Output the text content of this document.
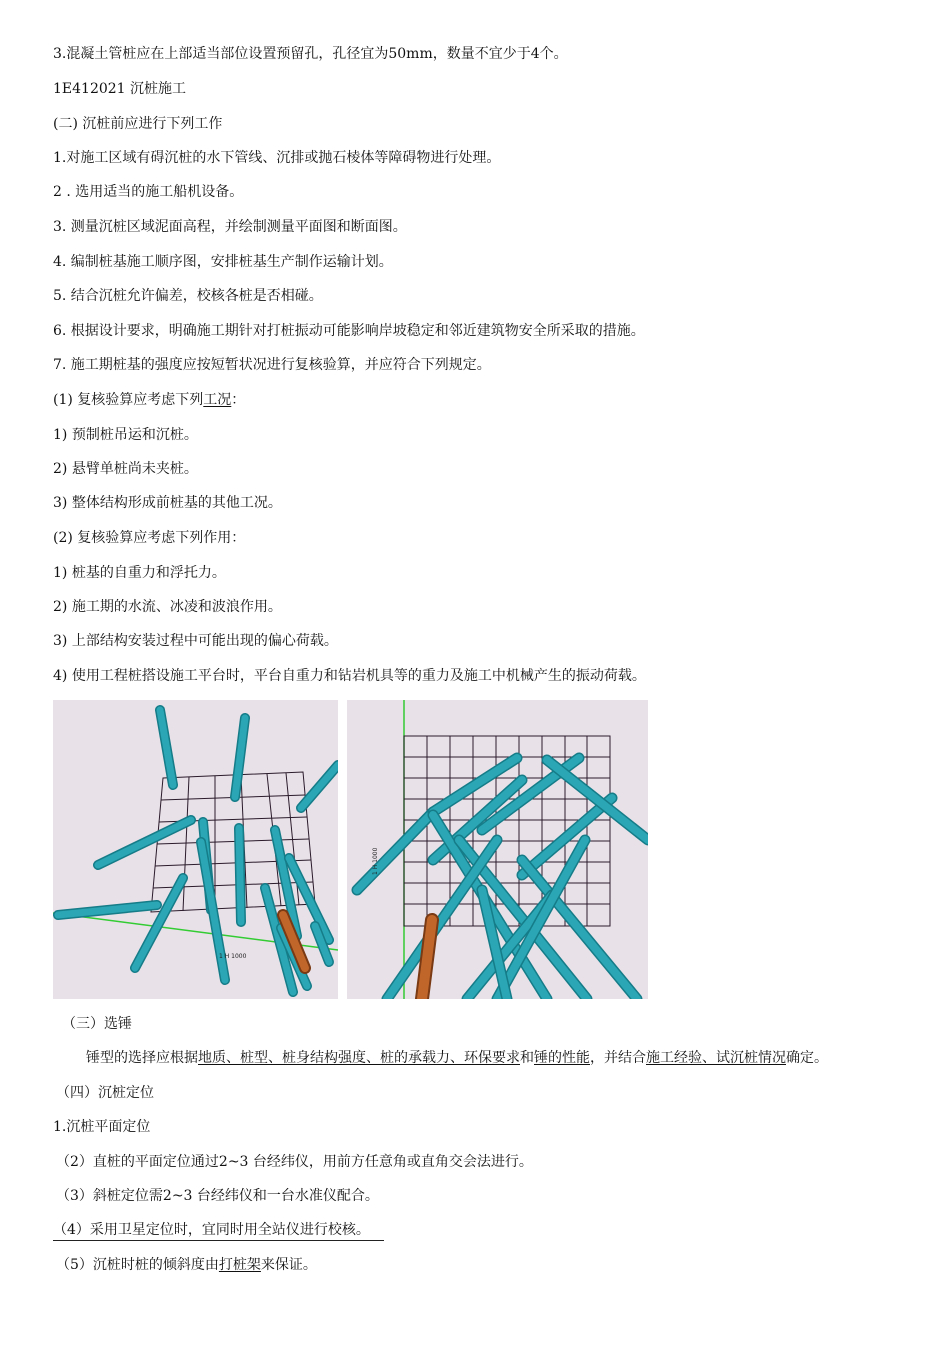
3.混凝土管桩应在上部适当部位设置预留孔，孔径宜为50mm，数量不宜少于4个。
1E412021 沉桩施工
(二) 沉桩前应进行下列工作
1.对施工区域有碍沉桩的水下管线、沉排或抛石棱体等障碍物进行处理。
2 . 选用适当的施工船机设备。
3. 测量沉桩区域泥面高程，并绘制测量平面图和断面图。
4. 编制桩基施工顺序图，安排桩基生产制作运输计划。
5. 结合沉桩允许偏差，校核各桩是否相碰。
6. 根据设计要求，明确施工期针对打桩振动可能影响岸坡稳定和邻近建筑物安全所采取的措施。
7. 施工期桩基的强度应按短暂状况进行复核验算，并应符合下列规定。
(1) 复核验算应考虑下列工况：
1) 预制桩吊运和沉桩。
2) 悬臂单桩尚未夹桩。
3) 整体结构形成前桩基的其他工况。
(2) 复核验算应考虑下列作用：
1) 桩基的自重力和浮托力。
2) 施工期的水流、冰凌和波浪作用。
3) 上部结构安装过程中可能出现的偏心荷载。
4) 使用工程桩搭设施工平台时，平台自重力和钻岩机具等的重力及施工中机械产生的振动荷载。
1 H 1000
1 H 1000
（三）选锤
锤型的选择应根据地质、桩型、桩身结构强度、桩的承载力、环保要求和锤的性能，并结合施工经验、试沉桩情况确定。
（四）沉桩定位
1.沉桩平面定位
（2）直桩的平面定位通过2~3 台经纬仪，用前方任意角或直角交会法进行。
（3）斜桩定位需2~3 台经纬仪和一台水准仪配合。
（4）采用卫星定位时，宜同时用全站仪进行校核。
（5）沉桩时桩的倾斜度由打桩架来保证。
